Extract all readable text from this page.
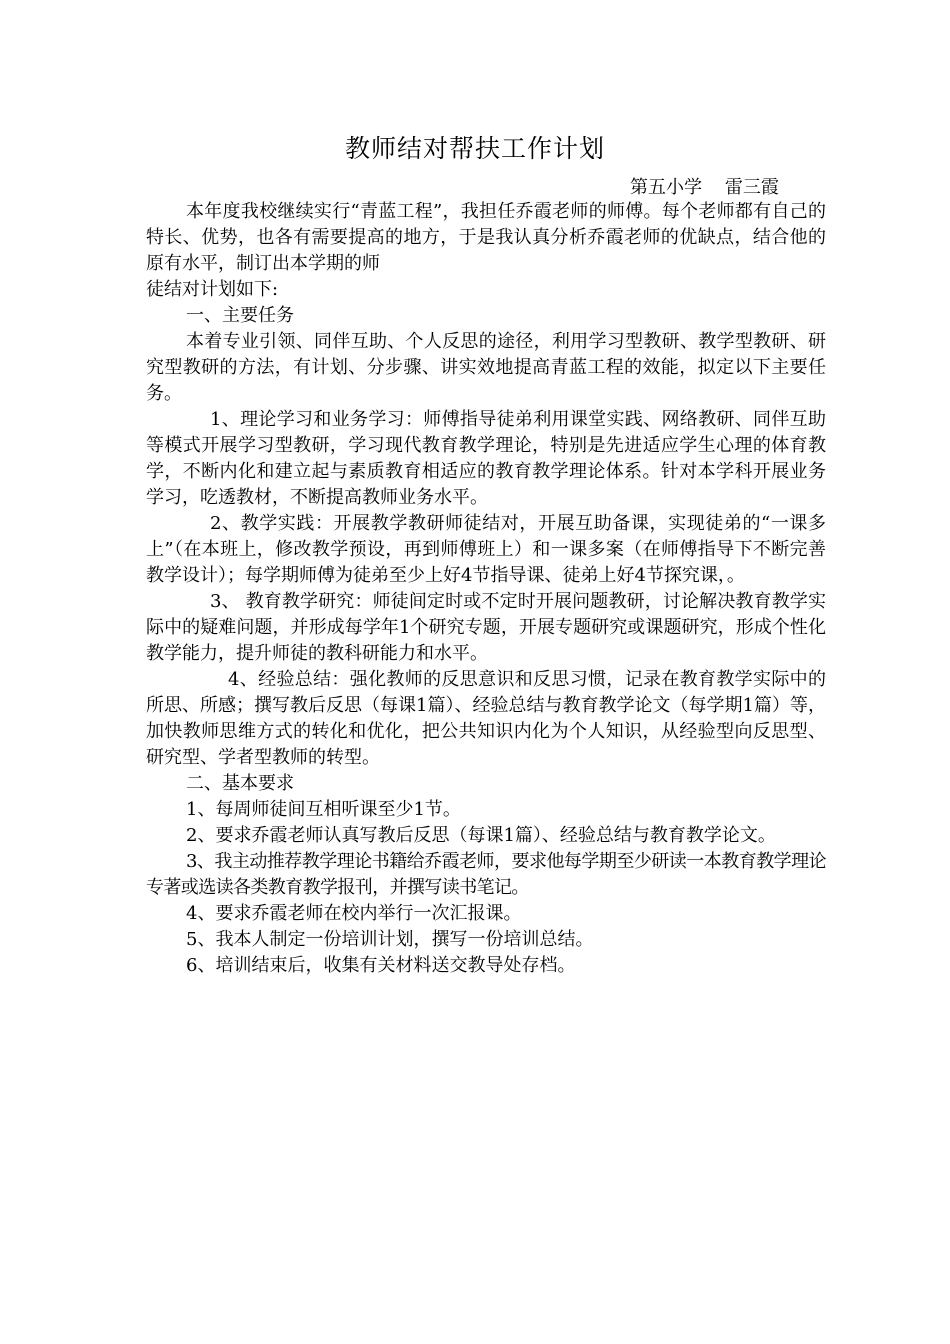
教师结对帮扶工作计划
第五小学    雷三霞

本年度我校继续实行“青蓝工程”，我担任乔霞老师的师傅。每个老师都有自己的特长、优势，也各有需要提高的地方，于是我认真分析乔霞老师的优缺点，结合他的原有水平，制订出本学期的师

徒结对计划如下:

一、主要任务

本着专业引领、同伴互助、个人反思的途径，利用学习型教研、教学型教研、研究型教研的方法，有计划、分步骤、讲实效地提高青蓝工程的效能，拟定以下主要任务。

1、理论学习和业务学习：师傅指导徒弟利用课堂实践、网络教研、同伴互助等模式开展学习型教研，学习现代教育教学理论，特别是先进适应学生心理的体育教学，不断内化和建立起与素质教育相适应的教育教学理论体系。针对本学科开展业务学习，吃透教材，不断提高教师业务水平。

2、教学实践：开展教学教研师徒结对，开展互助备课，实现徒弟的“一课多上”（在本班上，修改教学预设，再到师傅班上）和一课多案（在师傅指导下不断完善教学设计）；每学期师傅为徒弟至少上好4节指导课、徒弟上好4节探究课，。

3、 教育教学研究：师徒间定时或不定时开展问题教研，讨论解决教育教学实际中的疑难问题，并形成每学年1个研究专题，开展专题研究或课题研究，形成个性化教学能力，提升师徒的教科研能力和水平。

4、经验总结：强化教师的反思意识和反思习惯，记录在教育教学实际中的所思、所感；撰写教后反思（每课1篇）、经验总结与教育教学论文（每学期1篇）等，加快教师思维方式的转化和优化，把公共知识内化为个人知识，从经验型向反思型、研究型、学者型教师的转型。

二、基本要求

1、每周师徒间互相听课至少1节。

2、要求乔霞老师认真写教后反思（每课1篇）、经验总结与教育教学论文。

3、我主动推荐教学理论书籍给乔霞老师，要求他每学期至少研读一本教育教学理论专著或选读各类教育教学报刊，并撰写读书笔记。

4、要求乔霞老师在校内举行一次汇报课。

5、我本人制定一份培训计划，撰写一份培训总结。

6、培训结束后，收集有关材料送交教导处存档。
